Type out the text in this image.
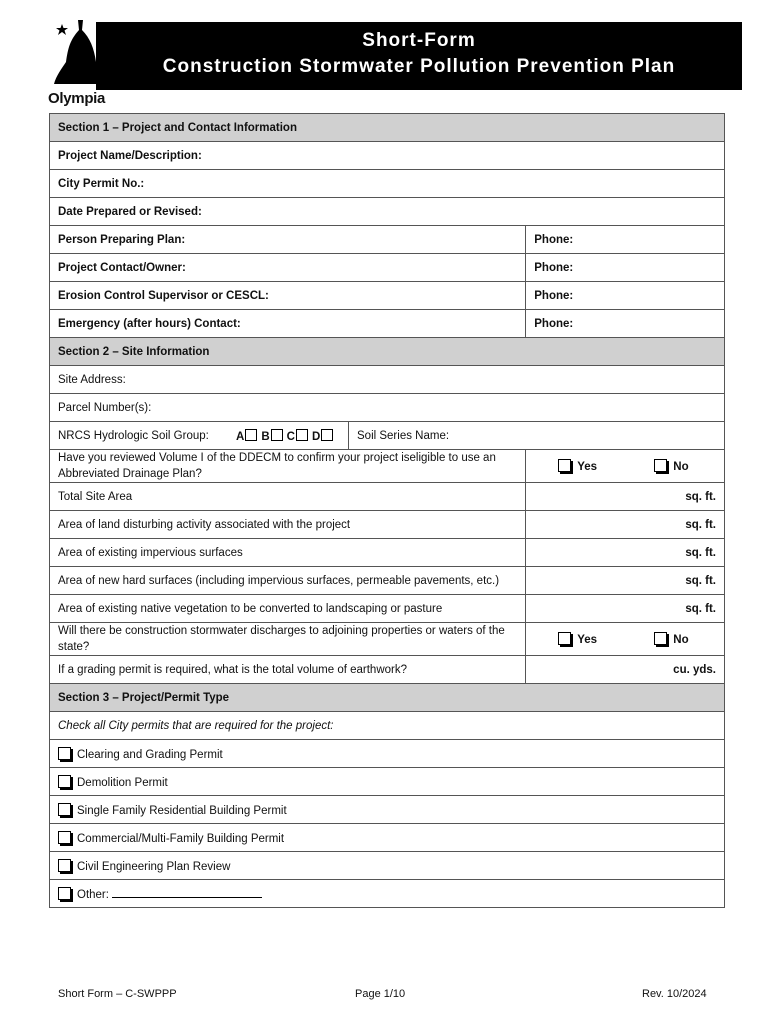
Olympia
Short-Form
Construction Stormwater Pollution Prevention Plan
Section 1 – Project and Contact Information	
Project Name/Description:	
City Permit No.:	
Date Prepared or Revised:	
Person Preparing Plan:	Phone:
Project Contact/Owner:	Phone:
Erosion Control Supervisor or CESCL:	Phone:
Emergency (after hours) Contact:	Phone:
Section 2 – Site Information	
Site Address:	
Parcel Number(s):	

NRCS Hydrologic Soil Group: A B C D Soil Series Name:	

Have you reviewed Volume I of the DDECM to confirm your project iseligible to use an Abbreviated Drainage Plan?	Yes No
Total Site Area	sq. ft.
Area of land disturbing activity associated with the project	sq. ft.
Area of existing impervious surfaces	sq. ft.
Area of new hard surfaces (including impervious surfaces, permeable pavements, etc.)	sq. ft.
Area of existing native vegetation to be converted to landscaping or pasture	sq. ft.
Will there be construction stormwater discharges to adjoining properties or waters of the state?	Yes No
If a grading permit is required, what is the total volume of earthwork?	cu. yds.
Section 3 – Project/Permit Type	
Check all City permits that are required for the project:	
Clearing and Grading Permit	
Demolition Permit	
Single Family Residential Building Permit	
Commercial/Multi-Family Building Permit	
Civil Engineering Plan Review	
Other:	
Short Form – C-SWPPP	Page 1/10	Rev. 10/2024
